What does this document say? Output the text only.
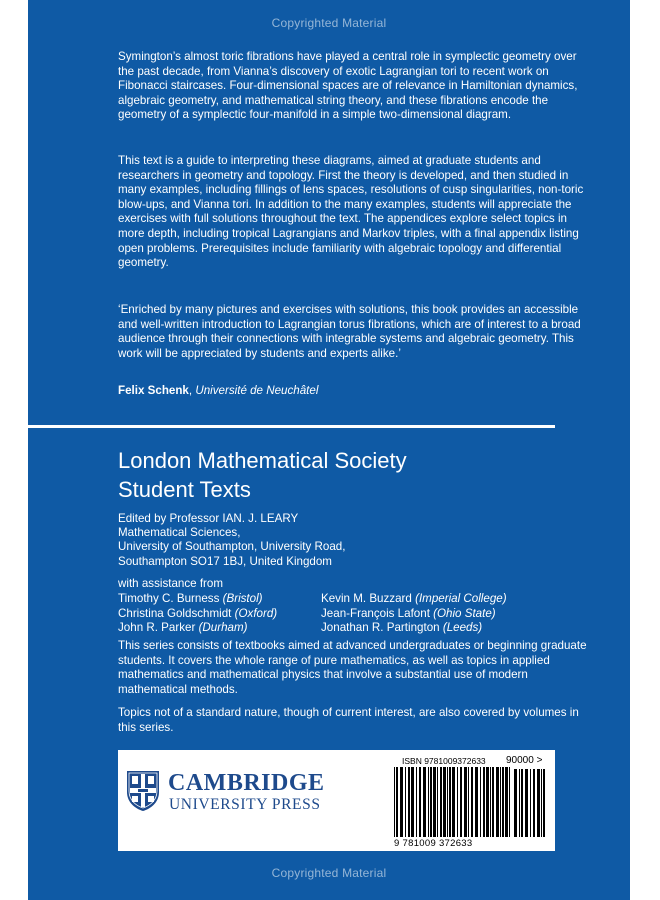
Copyrighted Material

Symington’s almost toric fibrations have played a central role in symplectic geometry over the past decade, from Vianna’s discovery of exotic Lagrangian tori to recent work on Fibonacci staircases. Four-dimensional spaces are of relevance in Hamiltonian dynamics, algebraic geometry, and mathematical string theory, and these fibrations encode the geometry of a symplectic four-manifold in a simple two-dimensional diagram.

This text is a guide to interpreting these diagrams, aimed at graduate students and researchers in geometry and topology. First the theory is developed, and then studied in many examples, including fillings of lens spaces, resolutions of cusp singularities, non-toric blow-ups, and Vianna tori. In addition to the many examples, students will appreciate the exercises with full solutions throughout the text. The appendices explore select topics in more depth, including tropical Lagrangians and Markov triples, with a final appendix listing open problems. Prerequisites include familiarity with algebraic topology and differential geometry.

‘Enriched by many pictures and exercises with solutions, this book provides an accessible and well-written introduction to Lagrangian torus fibrations, which are of interest to a broad audience through their connections with integrable systems and algebraic geometry. This work will be appreciated by students and experts alike.’

Felix Schenk, Université de Neuchâtel
London Mathematical Society
Student Texts
Edited by Professor IAN. J. LEARY
Mathematical Sciences,
University of Southampton, University Road,
Southampton SO17 1BJ, United Kingdom
with assistance from
Timothy C. Burness (Bristol)	Kevin M. Buzzard (Imperial College)
Christina Goldschmidt (Oxford)	Jean-François Lafont (Ohio State)
John R. Parker (Durham)	Jonathan R. Partington (Leeds)

This series consists of textbooks aimed at advanced undergraduates or beginning graduate students. It covers the whole range of pure mathematics, as well as topics in applied mathematics and mathematical physics that involve a substantial use of modern mathematical methods.

Topics not of a standard nature, though of current interest, are also covered by volumes in this series.

CAMBRIDGE
UNIVERSITY PRESS
ISBN 9781009372633 90000 >
9 781009 372633
Copyrighted Material
